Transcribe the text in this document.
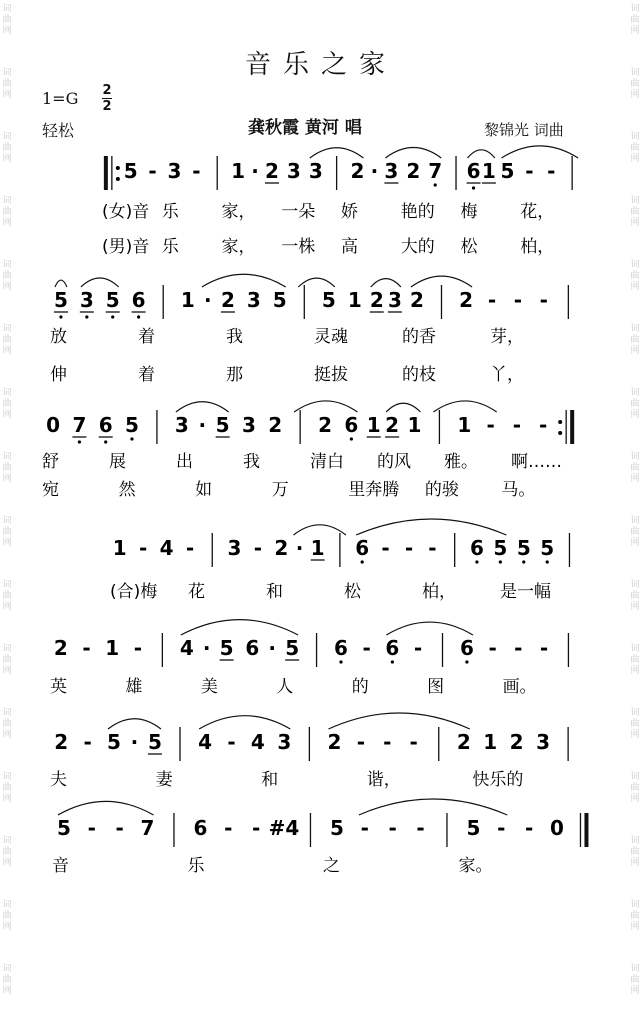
词曲网
词曲网
词曲网
词曲网
词曲网
词曲网
词曲网
词曲网
词曲网
词曲网
词曲网
词曲网
词曲网
词曲网
词曲网
词曲网
词曲网
词曲网
词曲网
词曲网
词曲网
词曲网
词曲网
词曲网
词曲网
词曲网
词曲网
词曲网
词曲网
词曲网
词曲网
词曲网
音乐之家
1=G 2
2
轻松	龚秋霞 黄河 唱	黎锦光 词曲
5 - 3 - 1 · 2 3 3 2 · 3 2 7 6 1 5 - -
(女)音 乐	家， 一朵 娇	艳的 梅	花，
(男)音 乐	家， 一株 高	大的 松	柏，
5 3 5 6 1 · 2 3 5 5 1 2 3 2 2 - - -
放	着	我	灵魂	的香	芽，
伸	着	那	挺拔	的枝	丫，
0 7 6 5 3 · 5 3 2 2 6 1 2 1 1 - - -
舒	展	出	我	清白 的风 雅。 啊……
宛	然	如	万	里奔腾 的骏	马。
1 - 4 - 3 - 2 · 1 6 - - - 6 5 5 5
(合)梅 花	和	松	柏，	是一幅
2 - 1 - 4 · 5 6 · 5 6 - 6 - 6 - - -
英	雄	美	人	的	图	画。
2 - 5 · 5 4 - 4 3 2 - - - 2 1 2 3
夫	妻	和	谐，	快乐的
5 - - 7 6 - - #4 5 - - - 5 - - 0
音	乐	之	家。
